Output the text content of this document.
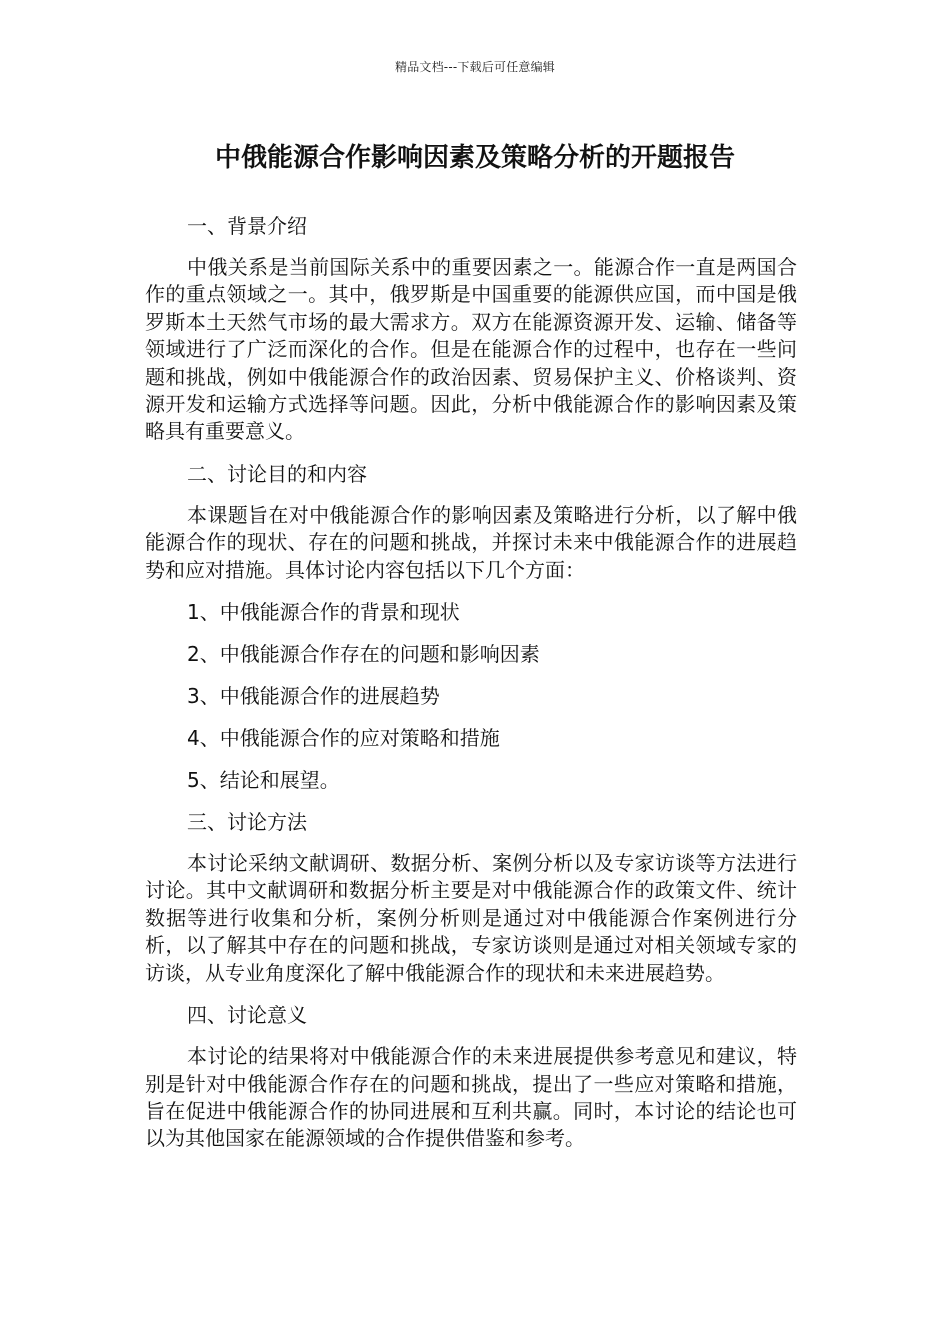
精品文档---下载后可任意编辑
中俄能源合作影响因素及策略分析的开题报告

一、背景介绍

中俄关系是当前国际关系中的重要因素之一。能源合作一直是两国合作的重点领域之一。其中，俄罗斯是中国重要的能源供应国，而中国是俄罗斯本土天然气市场的最大需求方。双方在能源资源开发、运输、储备等领域进行了广泛而深化的合作。但是在能源合作的过程中，也存在一些问题和挑战，例如中俄能源合作的政治因素、贸易保护主义、价格谈判、资源开发和运输方式选择等问题。因此，分析中俄能源合作的影响因素及策略具有重要意义。

二、讨论目的和内容

本课题旨在对中俄能源合作的影响因素及策略进行分析，以了解中俄能源合作的现状、存在的问题和挑战，并探讨未来中俄能源合作的进展趋势和应对措施。具体讨论内容包括以下几个方面：

1、中俄能源合作的背景和现状

2、中俄能源合作存在的问题和影响因素

3、中俄能源合作的进展趋势

4、中俄能源合作的应对策略和措施

5、结论和展望。

三、讨论方法

本讨论采纳文献调研、数据分析、案例分析以及专家访谈等方法进行讨论。其中文献调研和数据分析主要是对中俄能源合作的政策文件、统计数据等进行收集和分析，案例分析则是通过对中俄能源合作案例进行分析，以了解其中存在的问题和挑战，专家访谈则是通过对相关领域专家的访谈，从专业角度深化了解中俄能源合作的现状和未来进展趋势。

四、讨论意义

本讨论的结果将对中俄能源合作的未来进展提供参考意见和建议，特别是针对中俄能源合作存在的问题和挑战，提出了一些应对策略和措施，旨在促进中俄能源合作的协同进展和互利共赢。同时，本讨论的结论也可以为其他国家在能源领域的合作提供借鉴和参考。
